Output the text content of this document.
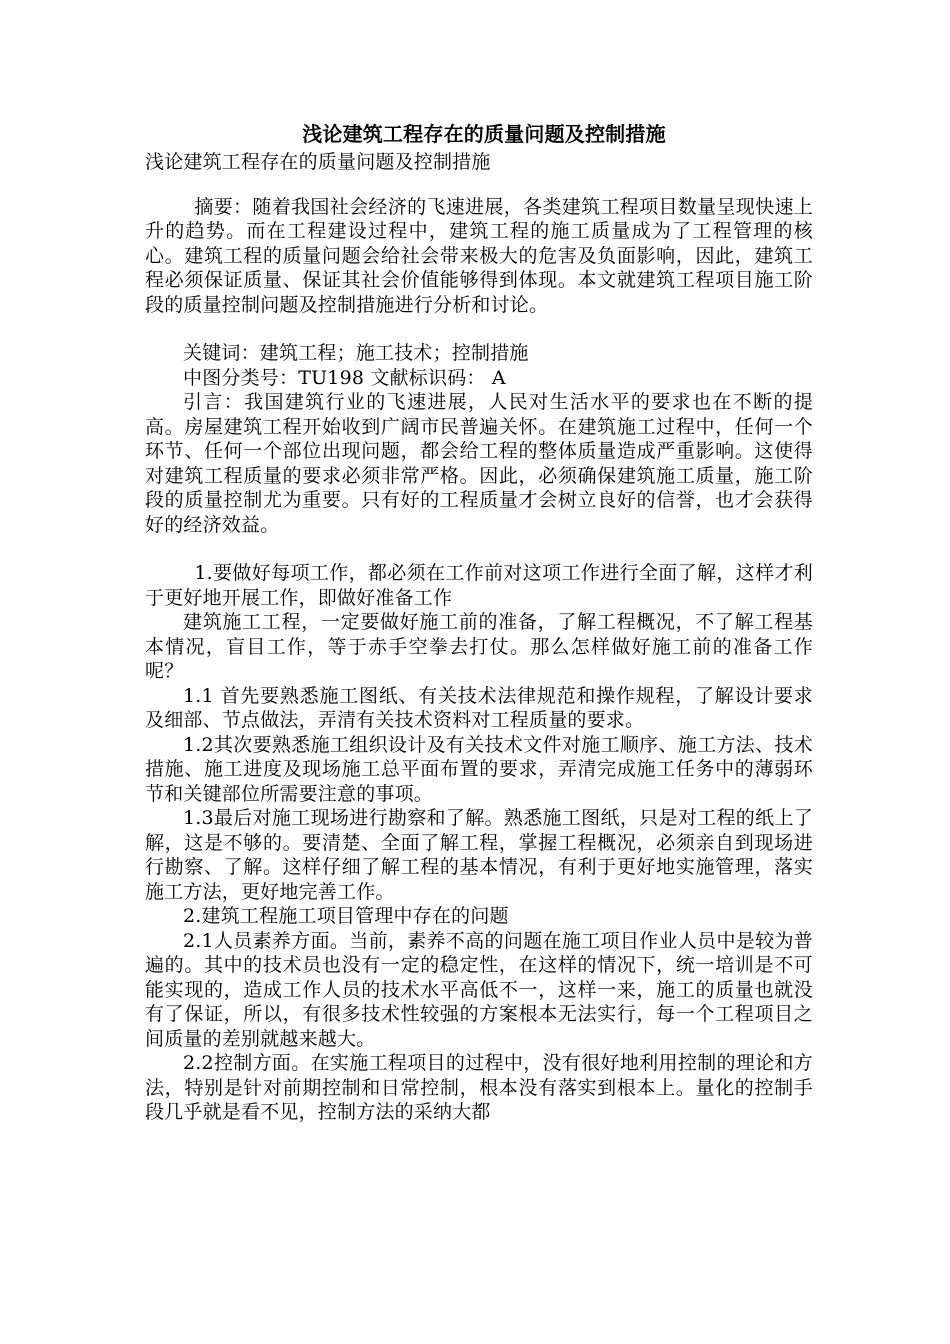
浅论建筑工程存在的质量问题及控制措施

浅论建筑工程存在的质量问题及控制措施

摘要：随着我国社会经济的飞速进展，各类建筑工程项目数量呈现快速上升的趋势。而在工程建设过程中，建筑工程的施工质量成为了工程管理的核心。建筑工程的质量问题会给社会带来极大的危害及负面影响，因此，建筑工程必须保证质量、保证其社会价值能够得到体现。本文就建筑工程项目施工阶段的质量控制问题及控制措施进行分析和讨论。

关键词：建筑工程；施工技术；控制措施

中图分类号：TU198 文献标识码： A

引言：我国建筑行业的飞速进展，人民对生活水平的要求也在不断的提高。房屋建筑工程开始收到广阔市民普遍关怀。在建筑施工过程中，任何一个环节、任何一个部位出现问题，都会给工程的整体质量造成严重影响。这使得对建筑工程质量的要求必须非常严格。因此，必须确保建筑施工质量，施工阶段的质量控制尤为重要。只有好的工程质量才会树立良好的信誉，也才会获得好的经济效益。

1.要做好每项工作，都必须在工作前对这项工作进行全面了解，这样才利于更好地开展工作，即做好准备工作

建筑施工工程，一定要做好施工前的准备，了解工程概况，不了解工程基本情况，盲目工作，等于赤手空拳去打仗。那么怎样做好施工前的准备工作呢？

1.1 首先要熟悉施工图纸、有关技术法律规范和操作规程，了解设计要求及细部、节点做法，弄清有关技术资料对工程质量的要求。

1.2其次要熟悉施工组织设计及有关技术文件对施工顺序、施工方法、技术措施、施工进度及现场施工总平面布置的要求，弄清完成施工任务中的薄弱环节和关键部位所需要注意的事项。

1.3最后对施工现场进行勘察和了解。熟悉施工图纸，只是对工程的纸上了解，这是不够的。要清楚、全面了解工程，掌握工程概况，必须亲自到现场进行勘察、了解。这样仔细了解工程的基本情况，有利于更好地实施管理，落实施工方法，更好地完善工作。

2.建筑工程施工项目管理中存在的问题

2.1人员素养方面。当前，素养不高的问题在施工项目作业人员中是较为普遍的。其中的技术员也没有一定的稳定性，在这样的情况下，统一培训是不可能实现的，造成工作人员的技术水平高低不一，这样一来，施工的质量也就没有了保证，所以，有很多技术性较强的方案根本无法实行，每一个工程项目之间质量的差别就越来越大。

2.2控制方面。在实施工程项目的过程中，没有很好地利用控制的理论和方法，特别是针对前期控制和日常控制，根本没有落实到根本上。量化的控制手段几乎就是看不见，控制方法的采纳大都
